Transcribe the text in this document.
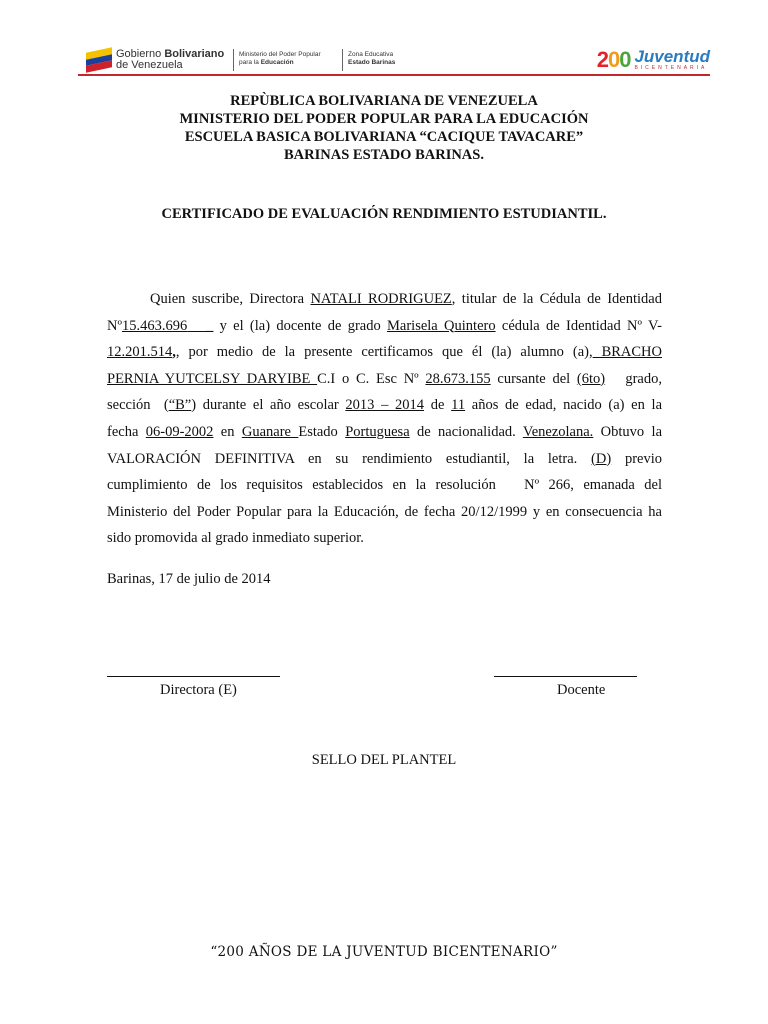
Gobierno Bolivariano
de Venezuela
Ministerio del Poder Popular
para la Educación
Zona Educativa
Estado Barinas	200 Juventud
BICENTENARIA
REPÙBLICA BOLIVARIANA DE VENEZUELA
MINISTERIO DEL PODER POPULAR PARA LA EDUCACIÓN
ESCUELA BASICA BOLIVARIANA “CACIQUE TAVACARE”
BARINAS ESTADO BARINAS.
CERTIFICADO DE EVALUACIÓN RENDIMIENTO ESTUDIANTIL.
Quien suscribe, Directora NATALI RODRIGUEZ, titular de la Cédula de Identidad
Nº15.463.696   _ y el (la) docente de grado Marisela Quintero cédula de Identidad Nº V-
12.201.514,, por medio de la presente certificamos que él (la) alumno (a), BRACHO
PERNIA YUTCELSY DARYIBE C.I o C. Esc Nº 28.673.155 cursante del (6to)   grado,
sección  (“B”) durante el año escolar 2013 – 2014 de 11 años de edad, nacido (a) en la
fecha 06-09-2002 en Guanare Estado Portuguesa de nacionalidad. Venezolana. Obtuvo la
VALORACIÓN DEFINITIVA en su rendimiento estudiantil, la letra. (D) previo
cumplimiento de los requisitos establecidos en la resolución   Nº 266, emanada del
Ministerio del Poder Popular para la Educación, de fecha 20/12/1999 y en consecuencia ha
sido promovida al grado inmediato superior.
Barinas, 17 de julio de 2014
Directora (E)	Docente
SELLO DEL PLANTEL
“200 AÑOS DE LA JUVENTUD BICENTENARIO”
